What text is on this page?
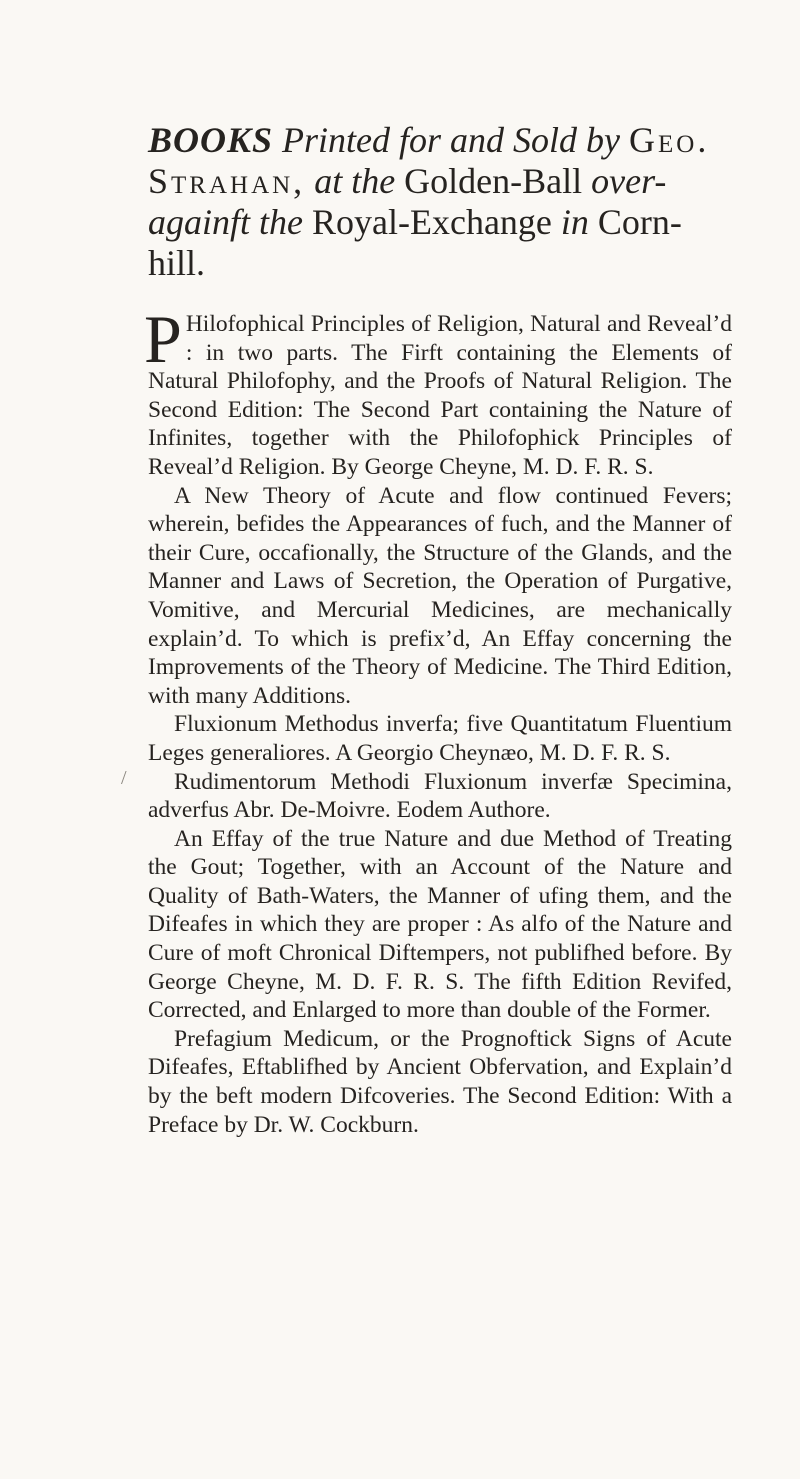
BOOKS Printed for and Sold by Geo.
Strahan, at the Golden-Ball over-
againft the Royal-Exchange in Corn-
hill.

P Hilofophical Principles of Religion, Natural and Reveal’d : in two parts. The Firft containing the Elements of Natural Philofophy, and the Proofs of Natural Religion. The Second Edition: The Second Part containing the Nature of Infinites, together with the Philofophick Principles of Reveal’d Religion. By George Cheyne, M. D. F. R. S.

A New Theory of Acute and flow continued Fevers; wherein, befides the Appearances of fuch, and the Manner of their Cure, occafionally, the Structure of the Glands, and the Manner and Laws of Secretion, the Operation of Purgative, Vomitive, and Mercurial Medicines, are mechanically explain’d. To which is prefix’d, An Effay concerning the Improvements of the Theory of Medicine. The Third Edition, with many Additions.

Fluxionum Methodus inverfa; five Quantitatum Fluentium Leges generaliores. A Georgio Cheynæo, M. D. F. R. S.

Rudimentorum Methodi Fluxionum inverfæ Specimina, adverfus Abr. De-Moivre. Eodem Authore.

An Effay of the true Nature and due Method of Treating the Gout; Together, with an Account of the Nature and Quality of Bath-Waters, the Manner of ufing them, and the Difeafes in which they are proper : As alfo of the Nature and Cure of moft Chronical Diftempers, not publifhed before. By George Cheyne, M. D. F. R. S. The fifth Edition Revifed, Corrected, and Enlarged to more than double of the Former.

Prefagium Medicum, or the Prognoftick Signs of Acute Difeafes, Eftablifhed by Ancient Obfervation, and Explain’d by the beft modern Difcoveries. The Second Edition: With a Preface by Dr. W. Cockburn.

/
